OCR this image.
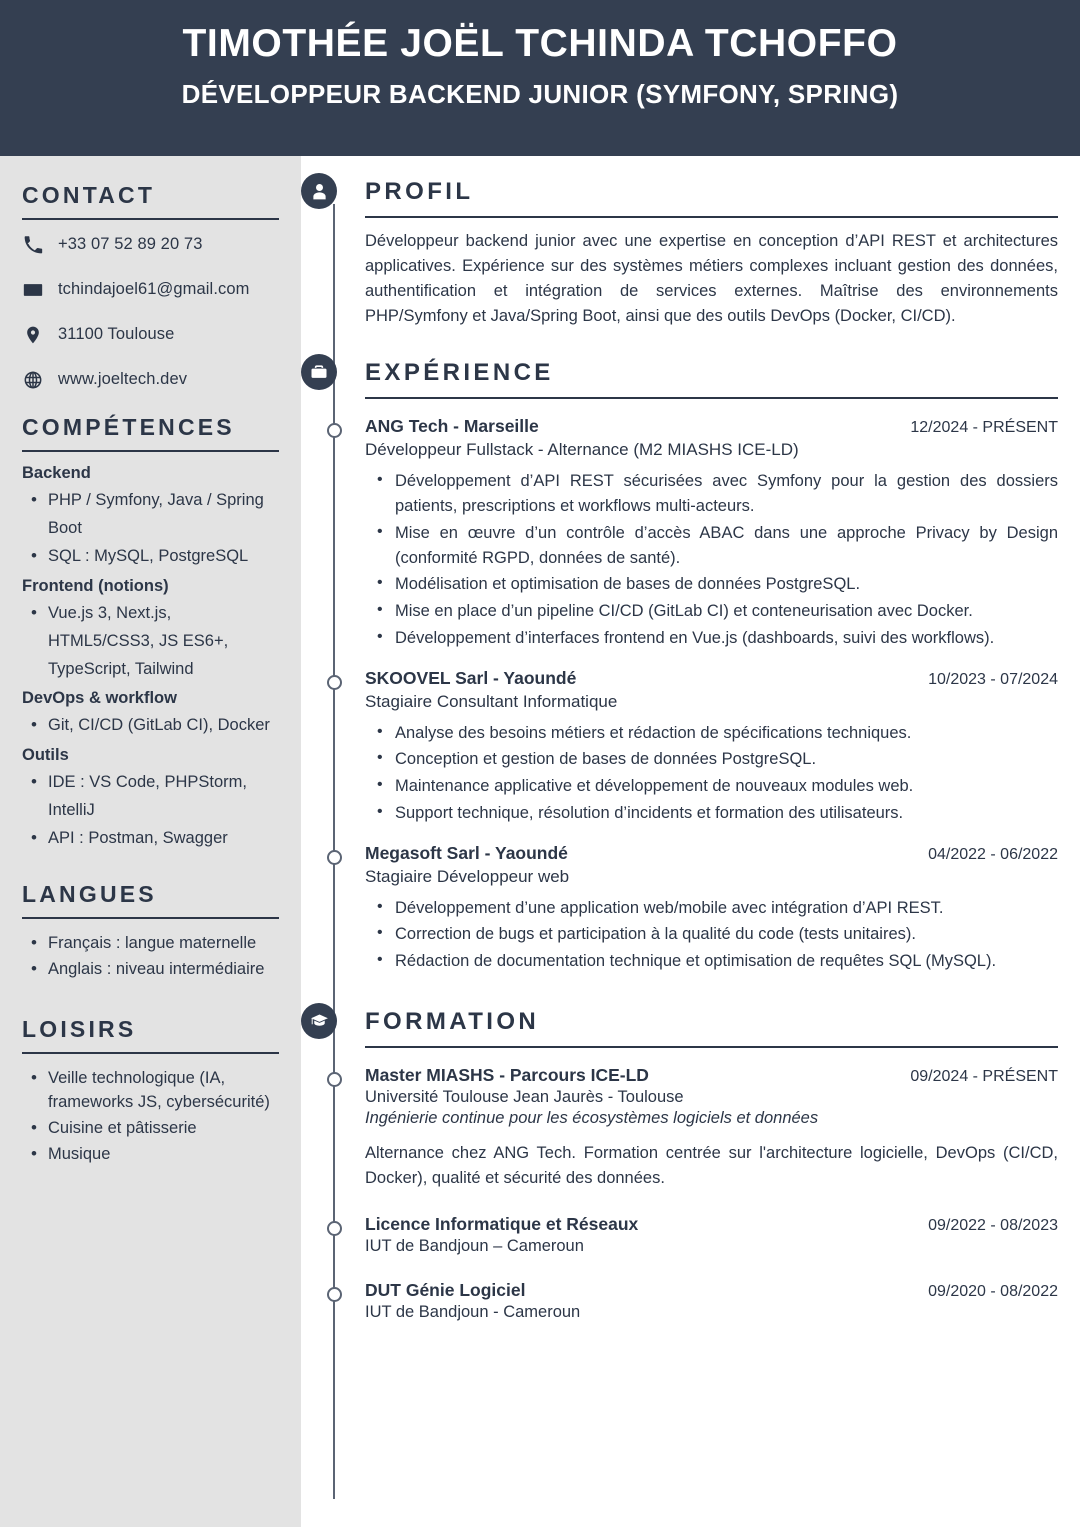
TIMOTHÉE JOËL TCHINDA TCHOFFO
DÉVELOPPEUR BACKEND JUNIOR (SYMFONY, SPRING)
CONTACT
+33 07 52 89 20 73
tchindajoel61@gmail.com
31100 Toulouse
www.joeltech.dev
COMPÉTENCES
Backend
• PHP / Symfony, Java / Spring Boot
• SQL : MySQL, PostgreSQL
Frontend (notions)
• Vue.js 3, Next.js, HTML5/CSS3, JS ES6+, TypeScript, Tailwind
DevOps & workflow
• Git, CI/CD (GitLab CI), Docker
Outils
• IDE : VS Code, PHPStorm, IntelliJ
• API : Postman, Swagger
LANGUES
• Français : langue maternelle
• Anglais : niveau intermédiaire
LOISIRS
• Veille technologique (IA, frameworks JS, cybersécurité)
• Cuisine et pâtisserie
• Musique
PROFIL

Développeur backend junior avec une expertise en conception d’API REST et architectures applicatives. Expérience sur des systèmes métiers complexes incluant gestion des données, authentification et intégration de services externes. Maîtrise des environnements PHP/Symfony et Java/Spring Boot, ainsi que des outils DevOps (Docker, CI/CD).

EXPÉRIENCE
ANG Tech - Marseille	12/2024 - PRÉSENT
Développeur Fullstack - Alternance (M2 MIASHS ICE-LD)
• Développement d’API REST sécurisées avec Symfony pour la gestion des dossiers patients, prescriptions et workflows multi-acteurs.
• Mise en œuvre d’un contrôle d’accès ABAC dans une approche Privacy by Design (conformité RGPD, données de santé).
• Modélisation et optimisation de bases de données PostgreSQL.
• Mise en place d’un pipeline CI/CD (GitLab CI) et conteneurisation avec Docker.
• Développement d’interfaces frontend en Vue.js (dashboards, suivi des workflows).
SKOOVEL Sarl - Yaoundé	10/2023 - 07/2024
Stagiaire Consultant Informatique
• Analyse des besoins métiers et rédaction de spécifications techniques.
• Conception et gestion de bases de données PostgreSQL.
• Maintenance applicative et développement de nouveaux modules web.
• Support technique, résolution d’incidents et formation des utilisateurs.
Megasoft Sarl - Yaoundé	04/2022 - 06/2022
Stagiaire Développeur web
• Développement d’une application web/mobile avec intégration d’API REST.
• Correction de bugs et participation à la qualité du code (tests unitaires).
• Rédaction de documentation technique et optimisation de requêtes SQL (MySQL).
FORMATION
Master MIASHS - Parcours ICE-LD	09/2024 - PRÉSENT
Université Toulouse Jean Jaurès - Toulouse
Ingénierie continue pour les écosystèmes logiciels et données
Alternance chez ANG Tech. Formation centrée sur l'architecture logicielle, DevOps (CI/CD, Docker), qualité et sécurité des données.
Licence Informatique et Réseaux	09/2022 - 08/2023
IUT de Bandjoun – Cameroun
DUT Génie Logiciel	09/2020 - 08/2022
IUT de Bandjoun - Cameroun
